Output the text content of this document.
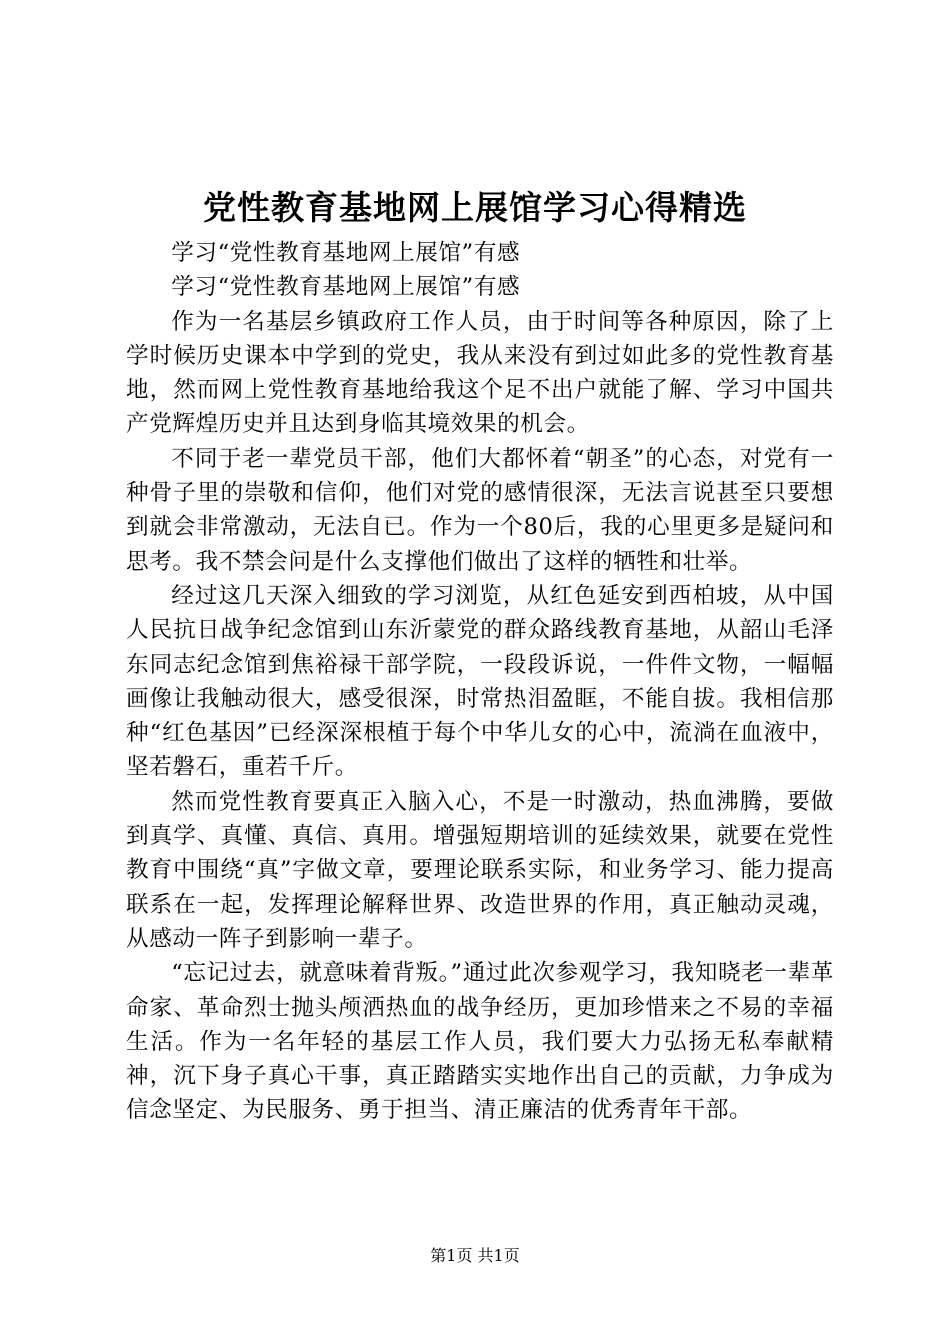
党性教育基地网上展馆学习心得精选

学习“党性教育基地网上展馆”有感

学习“党性教育基地网上展馆”有感

作为一名基层乡镇政府工作人员，由于时间等各种原因，除了上学时候历史课本中学到的党史，我从来没有到过如此多的党性教育基地，然而网上党性教育基地给我这个足不出户就能了解、学习中国共产党辉煌历史并且达到身临其境效果的机会。

不同于老一辈党员干部，他们大都怀着“朝圣”的心态，对党有一种骨子里的崇敬和信仰，他们对党的感情很深，无法言说甚至只要想到就会非常激动，无法自已。作为一个80后，我的心里更多是疑问和思考。我不禁会问是什么支撑他们做出了这样的牺牲和壮举。

经过这几天深入细致的学习浏览，从红色延安到西柏坡，从中国人民抗日战争纪念馆到山东沂蒙党的群众路线教育基地，从韶山毛泽东同志纪念馆到焦裕禄干部学院，一段段诉说，一件件文物，一幅幅画像让我触动很大，感受很深，时常热泪盈眶，不能自拔。我相信那种“红色基因”已经深深根植于每个中华儿女的心中，流淌在血液中，坚若磐石，重若千斤。

然而党性教育要真正入脑入心，不是一时激动，热血沸腾，要做到真学、真懂、真信、真用。增强短期培训的延续效果，就要在党性教育中围绕“真”字做文章，要理论联系实际，和业务学习、能力提高联系在一起，发挥理论解释世界、改造世界的作用，真正触动灵魂，从感动一阵子到影响一辈子。

“忘记过去，就意味着背叛。”通过此次参观学习，我知晓老一辈革命家、革命烈士抛头颅洒热血的战争经历，更加珍惜来之不易的幸福生活。作为一名年轻的基层工作人员，我们要大力弘扬无私奉献精神，沉下身子真心干事，真正踏踏实实地作出自己的贡献，力争成为信念坚定、为民服务、勇于担当、清正廉洁的优秀青年干部。

第1页 共1页
